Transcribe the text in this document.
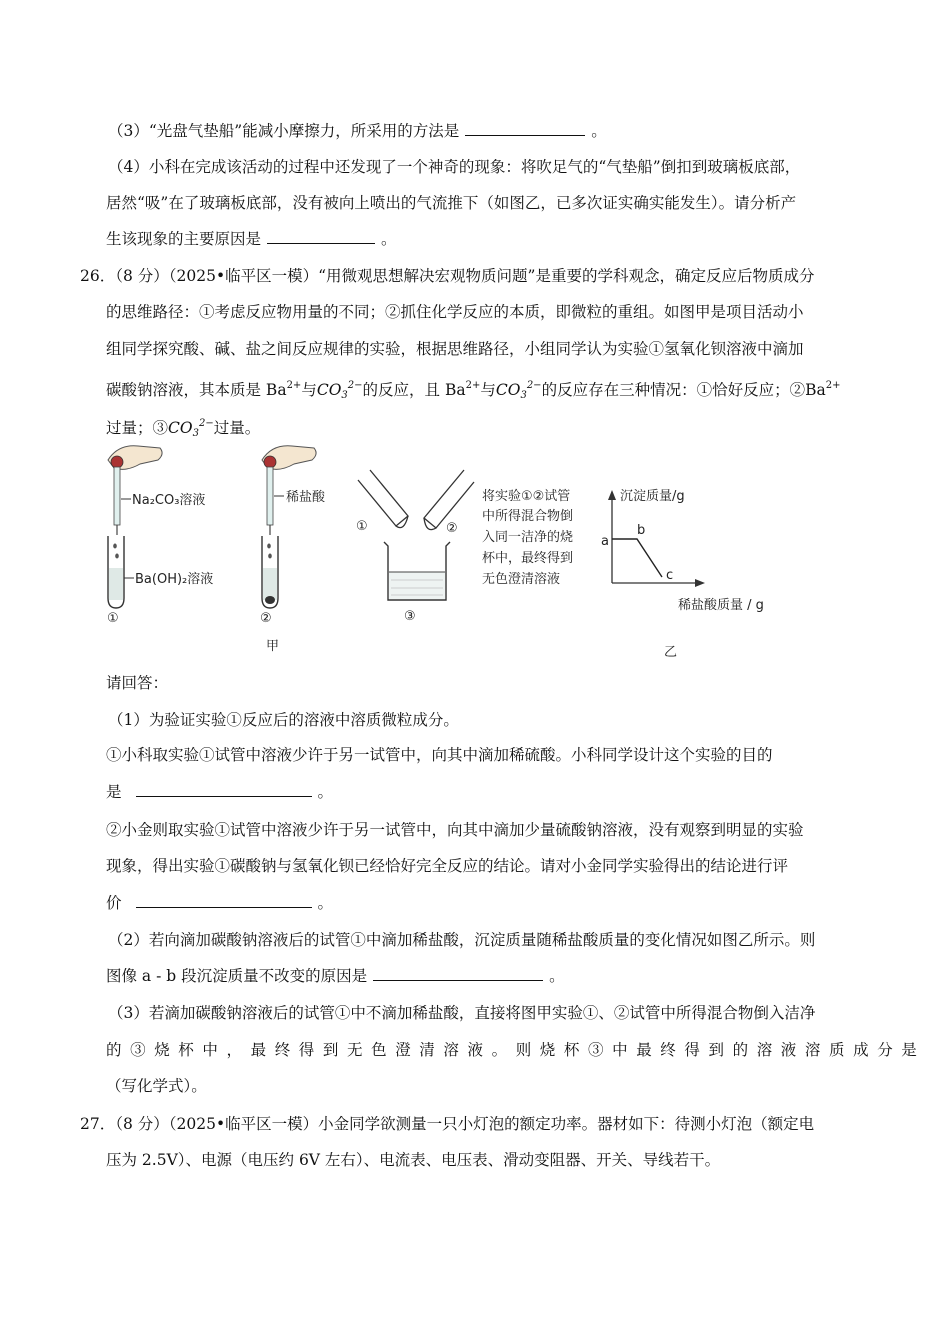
（3）“光盘气垫船”能减小摩擦力，所采用的方法是	。
（4）小科在完成该活动的过程中还发现了一个神奇的现象：将吹足气的“气垫船”倒扣到玻璃板底部，
居然“吸”在了玻璃板底部，没有被向上喷出的气流推下（如图乙，已多次证实确实能发生）。请分析产
生该现象的主要原因是	。
26．（8 分）（2025•临平区一模）“用微观思想解决宏观物质问题”是重要的学科观念，确定反应后物质成分
的思维路径：①考虑反应物用量的不同；②抓住化学反应的本质，即微粒的重组。如图甲是项目活动小
组同学探究酸、碱、盐之间反应规律的实验，根据思维路径，小组同学认为实验①氢氧化钡溶液中滴加
碳酸钠溶液，其本质是 $Ba^{2+}$与$CO_3^{2-}$的反应，且 $Ba^{2+}$与$CO_3^{2-}$的反应存在三种情况：①恰好反应；$②Ba^{2+}$
过量；$③CO_3^{2-}$过量。
Na₂CO₃溶液
Ba(OH)₂溶液
①
稀盐酸
②
甲
①	②
③
将实验①②试管
中所得混合物倒
入同一洁净的烧
杯中，最终得到
无色澄清溶液
沉淀质量/g
稀盐酸质量 / g
a
b
c
乙
请回答：
（1）为验证实验①反应后的溶液中溶质微粒成分。
①小科取实验①试管中溶液少许于另一试管中，向其中滴加稀硫酸。小科同学设计这个实验的目的
是	。
②小金则取实验①试管中溶液少许于另一试管中，向其中滴加少量硫酸钠溶液，没有观察到明显的实验
现象，得出实验①碳酸钠与氢氧化钡已经恰好完全反应的结论。请对小金同学实验得出的结论进行评
价	。
（2）若向滴加碳酸钠溶液后的试管①中滴加稀盐酸，沉淀质量随稀盐酸质量的变化情况如图乙所示。则
图像 a - b 段沉淀质量不改变的原因是	。
（3）若滴加碳酸钠溶液后的试管①中不滴加稀盐酸，直接将图甲实验①、②试管中所得混合物倒入洁净
的③烧杯中，最终得到无色澄清溶液。则烧杯③中最终得到的溶液溶质成分是
（写化学式）。
27．（8 分）（2025•临平区一模）小金同学欲测量一只小灯泡的额定功率。器材如下：待测小灯泡（额定电
压为 2.5V）、电源（电压约 6V 左右）、电流表、电压表、滑动变阻器、开关、导线若干。
